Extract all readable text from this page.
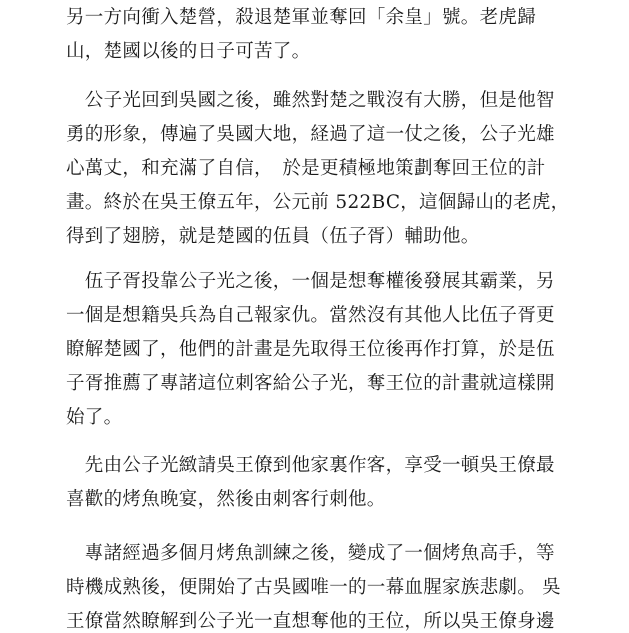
另一方向衝入楚營，殺退楚軍並奪回「余皇」號。老虎歸
山，楚國以後的日子可苦了。

　公子光回到吳國之後，雖然對楚之戰沒有大勝，但是他智
勇的形象，傳遍了吳國大地，経過了這一仗之後，公子光雄
心萬丈，和充滿了自信，　於是更積極地策劃奪回王位的計
畫。終於在吳王僚五年，公元前 522BC，這個歸山的老虎，
得到了翅膀，就是楚國的伍員（伍子胥）輔助他。

　伍子胥投靠公子光之後，一個是想奪權後發展其霸業，另
一個是想籍吳兵為自己報家仇。當然沒有其他人比伍子胥更
瞭解楚國了，他們的計畫是先取得王位後再作打算，於是伍
子胥推薦了專諸這位刺客給公子光，奪王位的計畫就這樣開
始了。

　先由公子光緻請吳王僚到他家裏作客，享受一頓吳王僚最
喜歡的烤魚晚宴，然後由刺客行刺他。

　專諸經過多個月烤魚訓練之後，變成了一個烤魚高手，等
時機成熟後，便開始了古吳國唯一的一幕血腥家族悲劇。 吳
王僚當然瞭解到公子光一直想奪他的王位，所以吳王僚身邊
